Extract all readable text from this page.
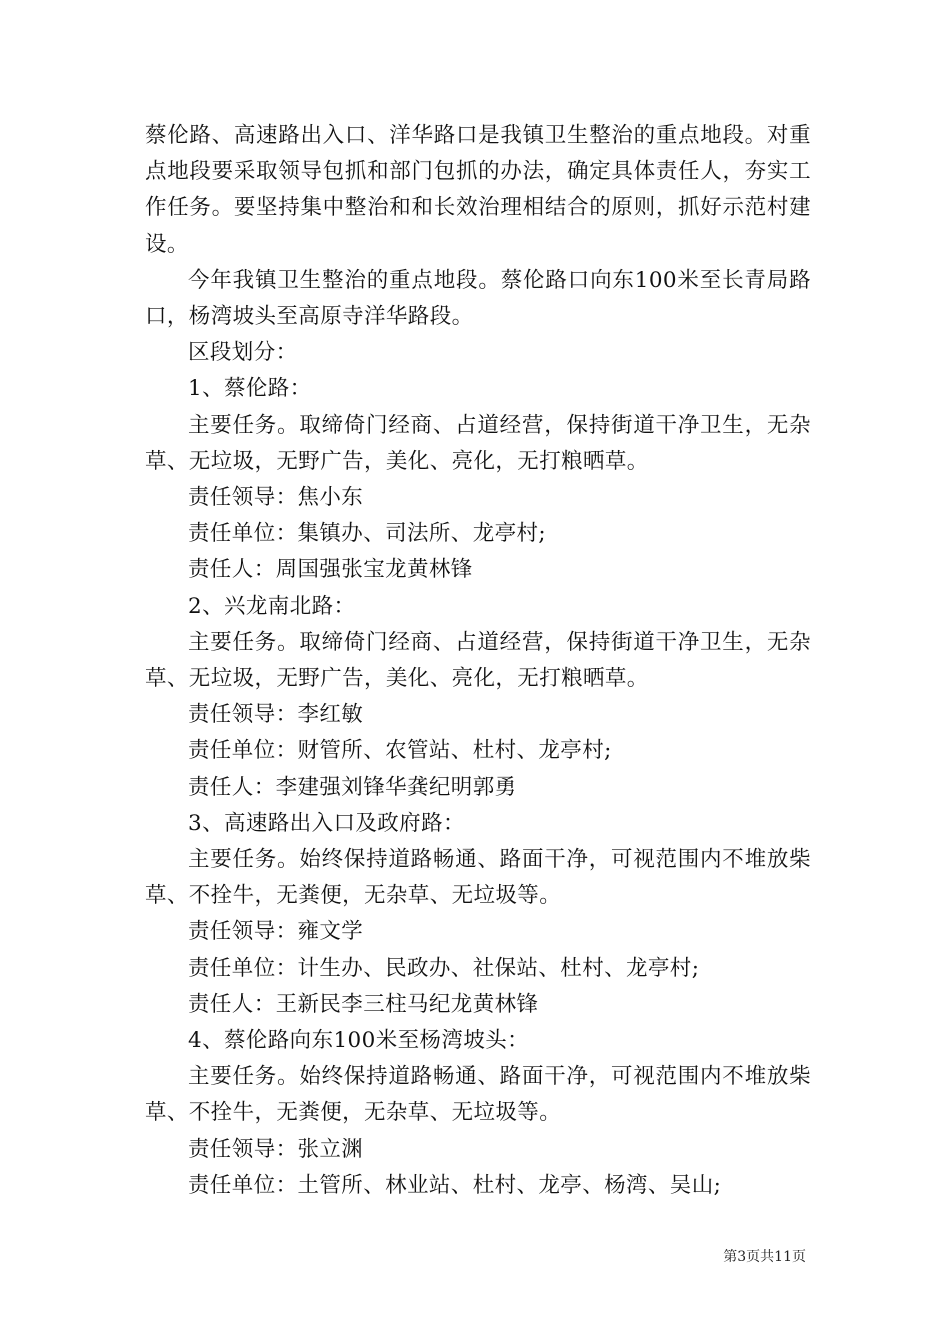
蔡伦路、高速路出入口、洋华路口是我镇卫生整治的重点地段。对重点地段要采取领导包抓和部门包抓的办法，确定具体责任人，夯实工作任务。要坚持集中整治和和长效治理相结合的原则，抓好示范村建设。

今年我镇卫生整治的重点地段。蔡伦路口向东100米至长青局路口，杨湾坡头至高原寺洋华路段。

区段划分：

1、蔡伦路：

主要任务。取缔倚门经商、占道经营，保持街道干净卫生，无杂草、无垃圾，无野广告，美化、亮化，无打粮晒草。

责任领导：焦小东

责任单位：集镇办、司法所、龙亭村;

责任人：周国强张宝龙黄林锋

2、兴龙南北路：

主要任务。取缔倚门经商、占道经营，保持街道干净卫生，无杂草、无垃圾，无野广告，美化、亮化，无打粮晒草。

责任领导：李红敏

责任单位：财管所、农管站、杜村、龙亭村;

责任人：李建强刘锋华龚纪明郭勇

3、高速路出入口及政府路：

主要任务。始终保持道路畅通、路面干净，可视范围内不堆放柴草、不拴牛，无粪便，无杂草、无垃圾等。

责任领导：雍文学

责任单位：计生办、民政办、社保站、杜村、龙亭村;

责任人：王新民李三柱马纪龙黄林锋

4、蔡伦路向东100米至杨湾坡头：

主要任务。始终保持道路畅通、路面干净，可视范围内不堆放柴草、不拴牛，无粪便，无杂草、无垃圾等。

责任领导：张立渊

责任单位：土管所、林业站、杜村、龙亭、杨湾、吴山;

第3页共11页
